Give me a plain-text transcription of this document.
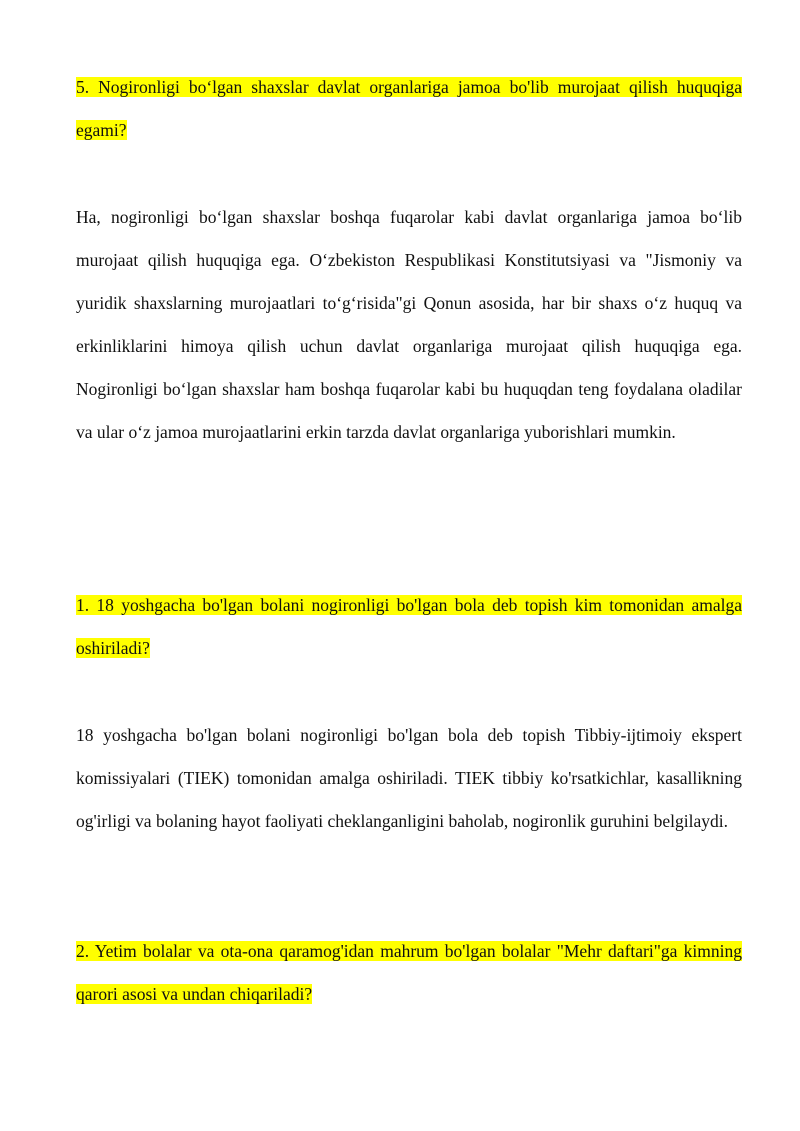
5. Nogironligi bo‘lgan shaxslar davlat organlariga jamoa bo'lib murojaat qilish huquqiga egami?

Ha, nogironligi bo‘lgan shaxslar boshqa fuqarolar kabi davlat organlariga jamoa bo‘lib murojaat qilish huquqiga ega. O‘zbekiston Respublikasi Konstitutsiyasi va "Jismoniy va yuridik shaxslarning murojaatlari to‘g‘risida"gi Qonun asosida, har bir shaxs o‘z huquq va erkinliklarini himoya qilish uchun davlat organlariga murojaat qilish huquqiga ega. Nogironligi bo‘lgan shaxslar ham boshqa fuqarolar kabi bu huquqdan teng foydalana oladilar va ular o‘z jamoa murojaatlarini erkin tarzda davlat organlariga yuborishlari mumkin.

1. 18 yoshgacha bo'lgan bolani nogironligi bo'lgan bola deb topish kim tomonidan amalga oshiriladi?

18 yoshgacha bo'lgan bolani nogironligi bo'lgan bola deb topish Tibbiy-ijtimoiy ekspert komissiyalari (TIEK) tomonidan amalga oshiriladi. TIEK tibbiy ko'rsatkichlar, kasallikning og'irligi va bolaning hayot faoliyati cheklanganligini baholab, nogironlik guruhini belgilaydi.

2. Yetim bolalar va ota-ona qaramog'idan mahrum bo'lgan bolalar "Mehr daftari"ga kimning qarori asosi va undan chiqariladi?
